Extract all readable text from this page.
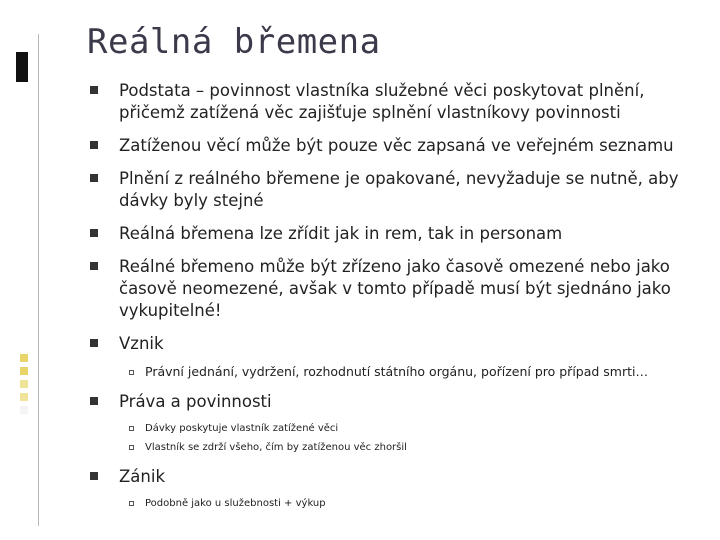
Reálná břemena
Podstata – povinnost vlastníka služebné věci poskytovat plnění, přičemž zatížená věc zajišťuje splnění vlastníkovy povinnosti
Zatíženou věcí může být pouze věc zapsaná ve veřejném seznamu
Plnění z reálného břemene je opakované, nevyžaduje se nutně, aby dávky byly stejné
Reálná břemena lze zřídit jak in rem, tak in personam
Reálné břemeno může být zřízeno jako časově omezené nebo jako časově neomezené, avšak v tomto případě musí být sjednáno jako vykupitelné!
Vznik
Právní jednání, vydržení, rozhodnutí státního orgánu, pořízení pro případ smrti…
Práva a povinnosti
Dávky poskytuje vlastník zatížené věci
Vlastník se zdrží všeho, čím by zatíženou věc zhoršil
Zánik
Podobně jako u služebnosti + výkup
